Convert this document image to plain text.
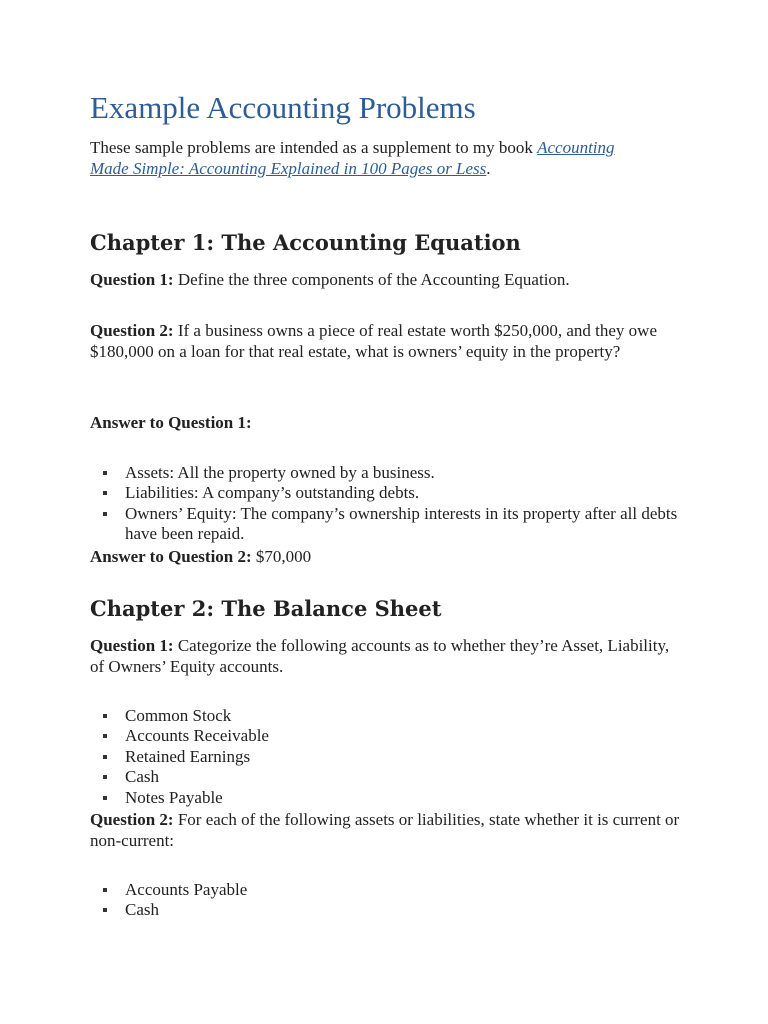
Example Accounting Problems

These sample problems are intended as a supplement to my book Accounting Made Simple: Accounting Explained in 100 Pages or Less.

Chapter 1: The Accounting Equation

Question 1: Define the three components of the Accounting Equation.

Question 2: If a business owns a piece of real estate worth $250,000, and they owe $180,000 on a loan for that real estate, what is owners’ equity in the property?

Answer to Question 1:

Assets: All the property owned by a business.
Liabilities: A company’s outstanding debts.
Owners’ Equity: The company’s ownership interests in its property after all debts have been repaid.

Answer to Question 2: $70,000

Chapter 2: The Balance Sheet

Question 1: Categorize the following accounts as to whether they’re Asset, Liability, of Owners’ Equity accounts.

Common Stock
Accounts Receivable
Retained Earnings
Cash
Notes Payable

Question 2: For each of the following assets or liabilities, state whether it is current or non-current:

Accounts Payable
Cash
